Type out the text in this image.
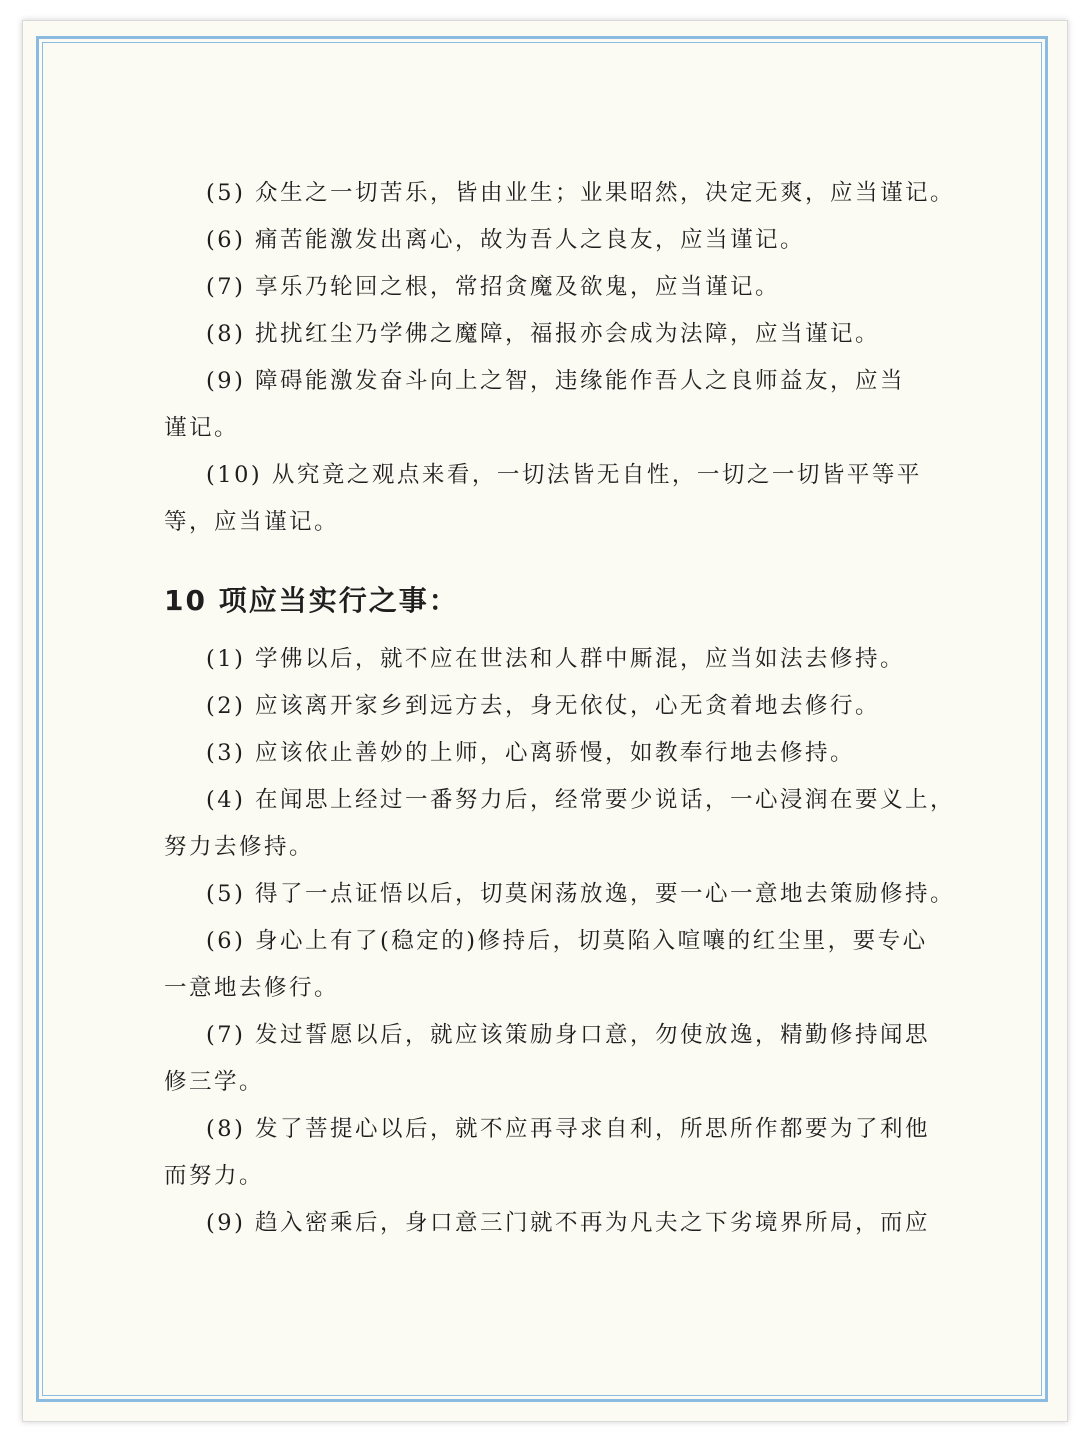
(5) 众生之一切苦乐，皆由业生；业果昭然，决定无爽，应当谨记。
(6) 痛苦能激发出离心，故为吾人之良友，应当谨记。
(7) 享乐乃轮回之根，常招贪魔及欲鬼，应当谨记。
(8) 扰扰红尘乃学佛之魔障，福报亦会成为法障，应当谨记。
(9) 障碍能激发奋斗向上之智，违缘能作吾人之良师益友，应当
谨记。
(10) 从究竟之观点来看，一切法皆无自性，一切之一切皆平等平
等，应当谨记。
10 项应当实行之事：
(1) 学佛以后，就不应在世法和人群中厮混，应当如法去修持。
(2) 应该离开家乡到远方去，身无依仗，心无贪着地去修行。
(3) 应该依止善妙的上师，心离骄慢，如教奉行地去修持。
(4) 在闻思上经过一番努力后，经常要少说话，一心浸润在要义上，
努力去修持。
(5) 得了一点证悟以后，切莫闲荡放逸，要一心一意地去策励修持。
(6) 身心上有了(稳定的)修持后，切莫陷入喧嚷的红尘里，要专心
一意地去修行。
(7) 发过誓愿以后，就应该策励身口意，勿使放逸，精勤修持闻思
修三学。
(8) 发了菩提心以后，就不应再寻求自利，所思所作都要为了利他
而努力。
(9) 趋入密乘后，身口意三门就不再为凡夫之下劣境界所局，而应
